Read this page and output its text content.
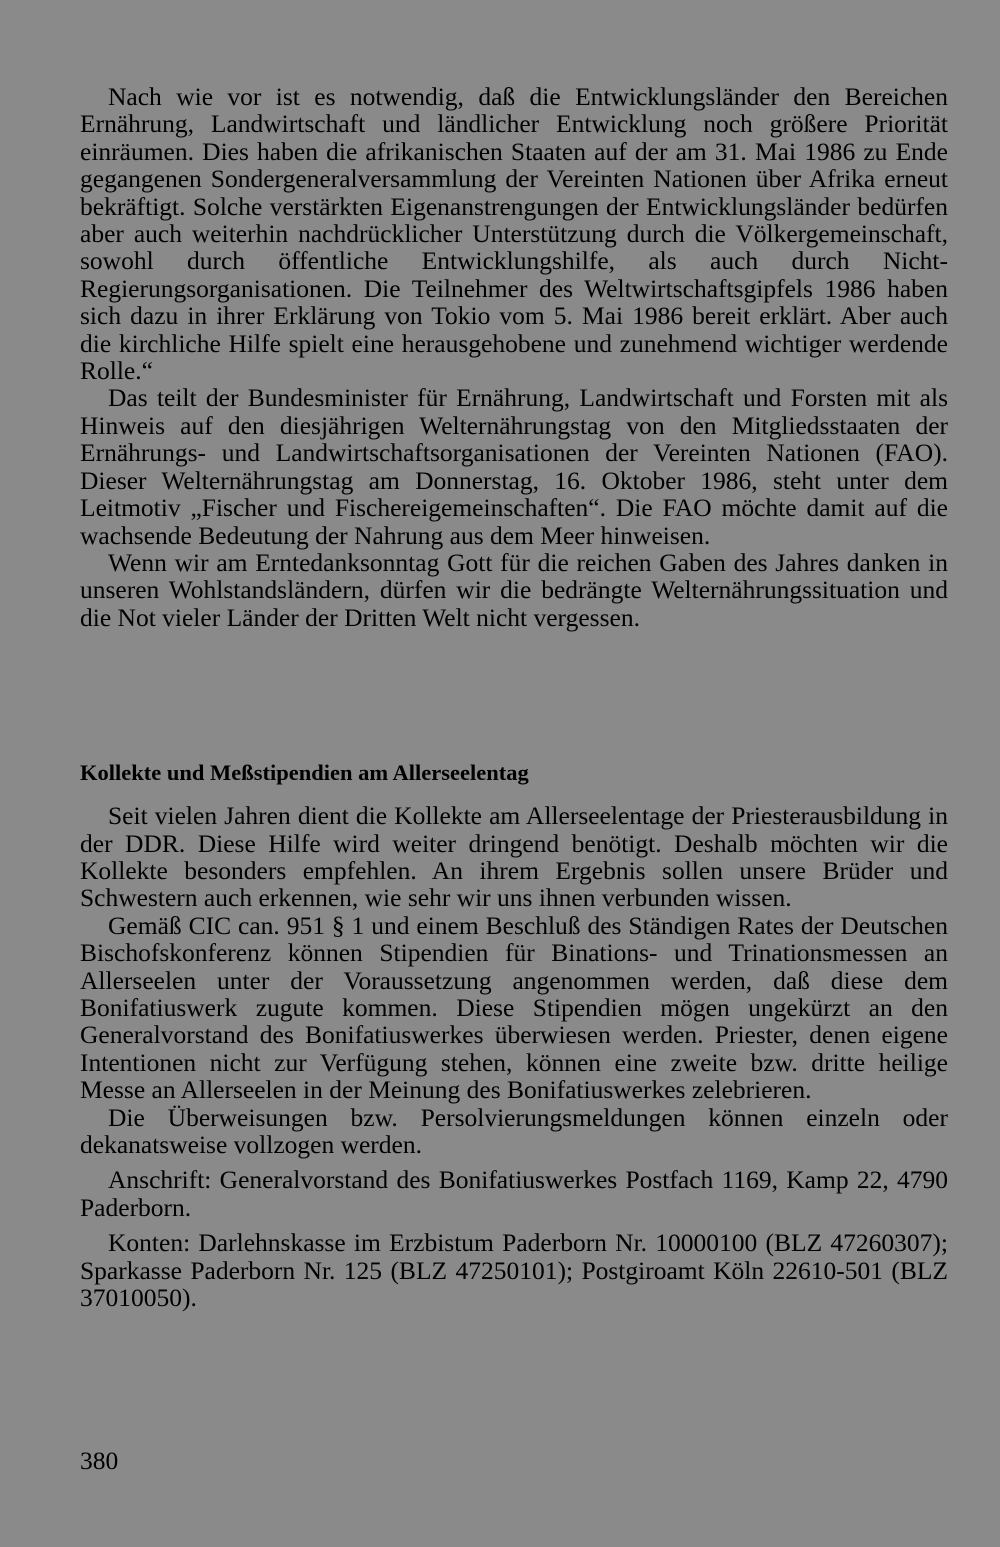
Nach wie vor ist es notwendig, daß die Entwicklungsländer den Bereichen Ernährung, Landwirtschaft und ländlicher Entwicklung noch größere Priorität einräumen. Dies haben die afrikanischen Staaten auf der am 31. Mai 1986 zu Ende gegangenen Sondergeneralversammlung der Vereinten Nationen über Afrika erneut bekräftigt. Solche verstärkten Eigenanstrengungen der Entwicklungsländer bedürfen aber auch weiterhin nachdrücklicher Unterstützung durch die Völkergemeinschaft, sowohl durch öffentliche Entwicklungshilfe, als auch durch Nicht-Regierungsorganisationen. Die Teilnehmer des Weltwirtschaftsgipfels 1986 haben sich dazu in ihrer Erklärung von Tokio vom 5. Mai 1986 bereit erklärt. Aber auch die kirchliche Hilfe spielt eine herausgehobene und zunehmend wichtiger werdende Rolle.“

Das teilt der Bundesminister für Ernährung, Landwirtschaft und Forsten mit als Hinweis auf den diesjährigen Welternährungstag von den Mitgliedsstaaten der Ernährungs- und Landwirtschaftsorganisationen der Vereinten Nationen (FAO). Dieser Welternährungstag am Donnerstag, 16. Oktober 1986, steht unter dem Leitmotiv „Fischer und Fischereigemeinschaften“. Die FAO möchte damit auf die wachsende Bedeutung der Nahrung aus dem Meer hinweisen.

Wenn wir am Erntedanksonntag Gott für die reichen Gaben des Jahres danken in unseren Wohlstandsländern, dürfen wir die bedrängte Welternährungssituation und die Not vieler Länder der Dritten Welt nicht vergessen.

Kollekte und Meßstipendien am Allerseelentag

Seit vielen Jahren dient die Kollekte am Allerseelentage der Priesterausbildung in der DDR. Diese Hilfe wird weiter dringend benötigt. Deshalb möchten wir die Kollekte besonders empfehlen. An ihrem Ergebnis sollen unsere Brüder und Schwestern auch erkennen, wie sehr wir uns ihnen verbunden wissen.

Gemäß CIC can. 951 § 1 und einem Beschluß des Ständigen Rates der Deutschen Bischofskonferenz können Stipendien für Binations- und Trinationsmessen an Allerseelen unter der Voraussetzung angenommen werden, daß diese dem Bonifatiuswerk zugute kommen. Diese Stipendien mögen ungekürzt an den Generalvorstand des Bonifatiuswerkes überwiesen werden. Priester, denen eigene Intentionen nicht zur Verfügung stehen, können eine zweite bzw. dritte heilige Messe an Allerseelen in der Meinung des Bonifatiuswerkes zelebrieren.

Die Überweisungen bzw. Persolvierungsmeldungen können einzeln oder dekanatsweise vollzogen werden.

Anschrift: Generalvorstand des Bonifatiuswerkes Postfach 1169, Kamp 22, 4790 Paderborn.

Konten: Darlehnskasse im Erzbistum Paderborn Nr. 10000100 (BLZ 47260307); Sparkasse Paderborn Nr. 125 (BLZ 47250101); Postgiroamt Köln 22610-501 (BLZ 37010050).

380
